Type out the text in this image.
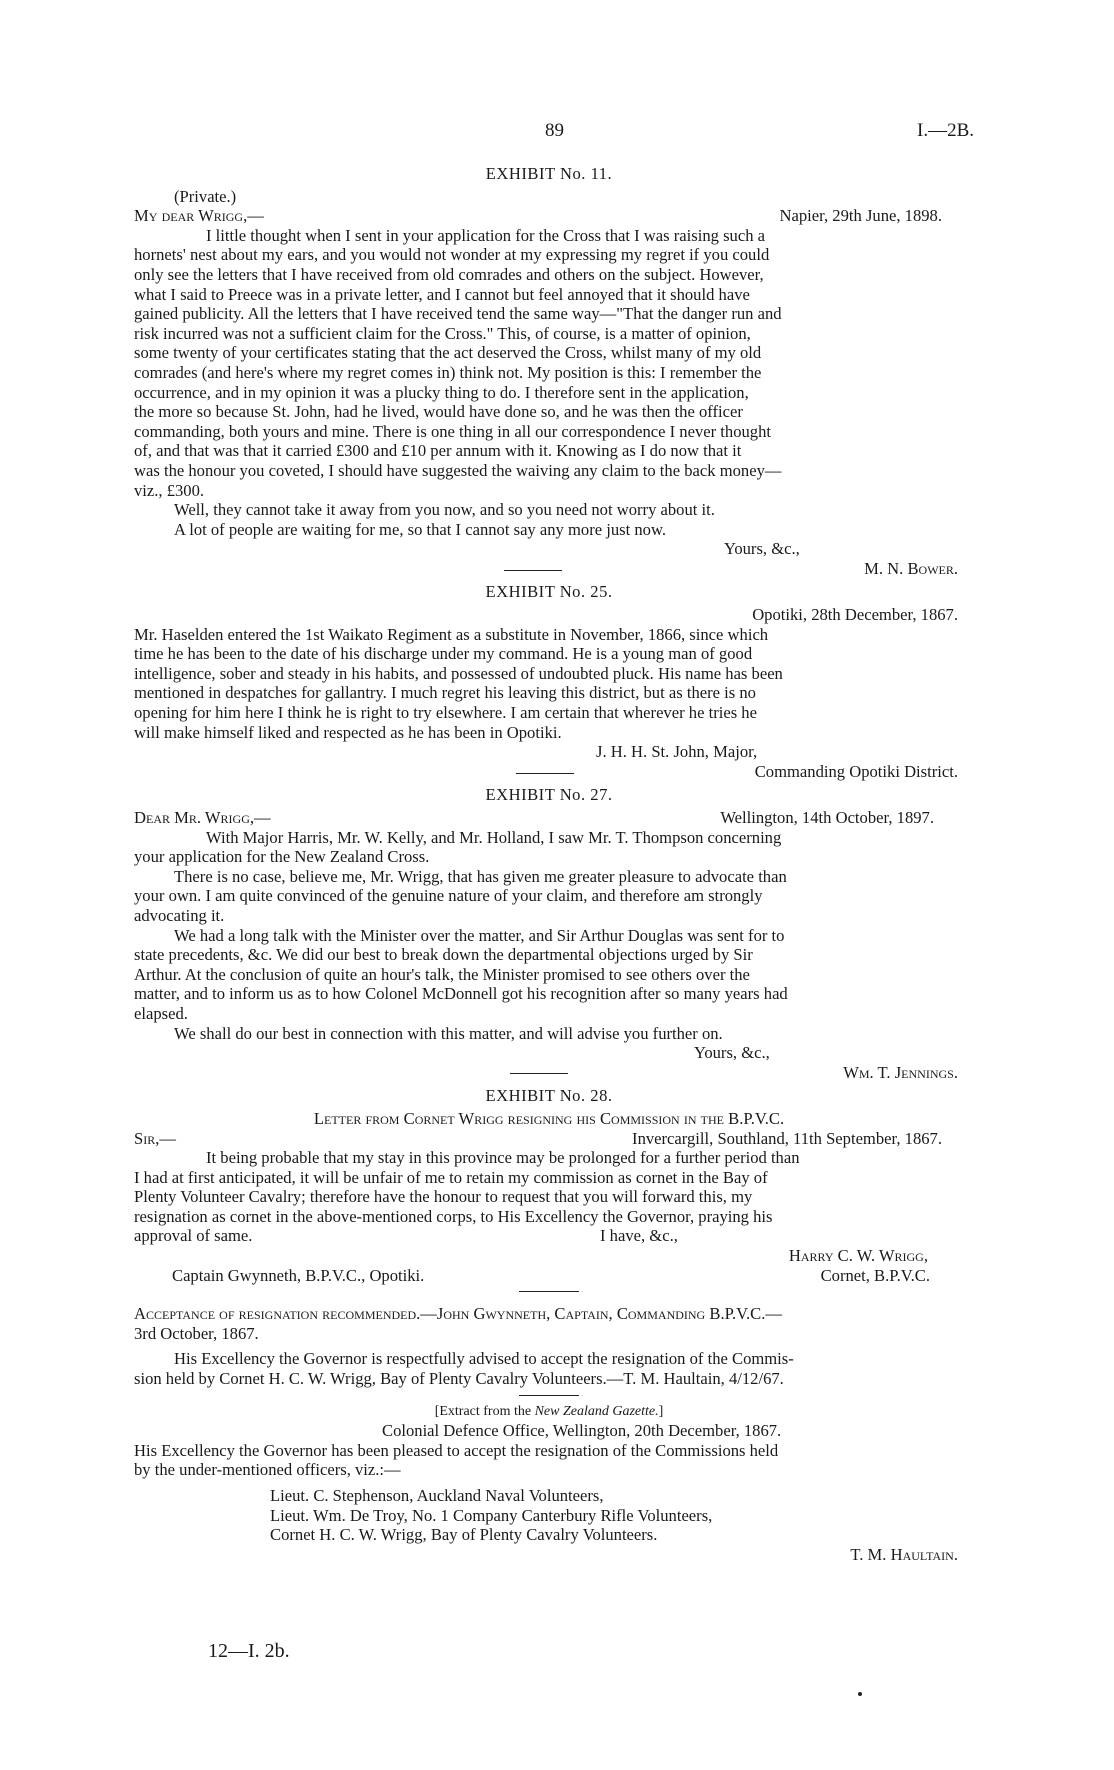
89	I.—2B.
EXHIBIT No. 11.
(Private.)
My dear Wrigg,—	Napier, 29th June, 1898.
I little thought when I sent in your application for the Cross that I was raising such a
hornets' nest about my ears, and you would not wonder at my expressing my regret if you could
only see the letters that I have received from old comrades and others on the subject. However,
what I said to Preece was in a private letter, and I cannot but feel annoyed that it should have
gained publicity. All the letters that I have received tend the same way—"That the danger run and
risk incurred was not a sufficient claim for the Cross." This, of course, is a matter of opinion,
some twenty of your certificates stating that the act deserved the Cross, whilst many of my old
comrades (and here's where my regret comes in) think not. My position is this: I remember the
occurrence, and in my opinion it was a plucky thing to do. I therefore sent in the application,
the more so because St. John, had he lived, would have done so, and he was then the officer
commanding, both yours and mine. There is one thing in all our correspondence I never thought
of, and that was that it carried £300 and £10 per annum with it. Knowing as I do now that it
was the honour you coveted, I should have suggested the waiving any claim to the back money—
viz., £300.
Well, they cannot take it away from you now, and so you need not worry about it.
A lot of people are waiting for me, so that I cannot say any more just now.
Yours, &c.,
M. N. Bower.
EXHIBIT No. 25.
Opotiki, 28th December, 1867.
Mr. Haselden entered the 1st Waikato Regiment as a substitute in November, 1866, since which
time he has been to the date of his discharge under my command. He is a young man of good
intelligence, sober and steady in his habits, and possessed of undoubted pluck. His name has been
mentioned in despatches for gallantry. I much regret his leaving this district, but as there is no
opening for him here I think he is right to try elsewhere. I am certain that wherever he tries he
will make himself liked and respected as he has been in Opotiki.
J. H. H. St. John, Major,
Commanding Opotiki District.
EXHIBIT No. 27.
Dear Mr. Wrigg,—	Wellington, 14th October, 1897.
With Major Harris, Mr. W. Kelly, and Mr. Holland, I saw Mr. T. Thompson concerning
your application for the New Zealand Cross.
There is no case, believe me, Mr. Wrigg, that has given me greater pleasure to advocate than
your own. I am quite convinced of the genuine nature of your claim, and therefore am strongly
advocating it.
We had a long talk with the Minister over the matter, and Sir Arthur Douglas was sent for to
state precedents, &c. We did our best to break down the departmental objections urged by Sir
Arthur. At the conclusion of quite an hour's talk, the Minister promised to see others over the
matter, and to inform us as to how Colonel McDonnell got his recognition after so many years had
elapsed.
We shall do our best in connection with this matter, and will advise you further on.
Yours, &c.,
Wm. T. Jennings.
EXHIBIT No. 28.
Letter from Cornet Wrigg resigning his Commission in the B.P.V.C.
Sir,—	Invercargill, Southland, 11th September, 1867.
It being probable that my stay in this province may be prolonged for a further period than
I had at first anticipated, it will be unfair of me to retain my commission as cornet in the Bay of
Plenty Volunteer Cavalry; therefore have the honour to request that you will forward this, my
resignation as cornet in the above-mentioned corps, to His Excellency the Governor, praying his
approval of same.	I have, &c.,
Harry C. W. Wrigg,
Captain Gwynneth, B.P.V.C., Opotiki.	Cornet, B.P.V.C.
Acceptance of resignation recommended.—John Gwynneth, Captain, Commanding B.P.V.C.—
3rd October, 1867.
His Excellency the Governor is respectfully advised to accept the resignation of the Commis-
sion held by Cornet H. C. W. Wrigg, Bay of Plenty Cavalry Volunteers.—T. M. Haultain, 4/12/67.
[Extract from the New Zealand Gazette.]
Colonial Defence Office, Wellington, 20th December, 1867.
His Excellency the Governor has been pleased to accept the resignation of the Commissions held
by the under-mentioned officers, viz.:—
Lieut. C. Stephenson, Auckland Naval Volunteers,
Lieut. Wm. De Troy, No. 1 Company Canterbury Rifle Volunteers,
Cornet H. C. W. Wrigg, Bay of Plenty Cavalry Volunteers.
T. M. Haultain.
12—I. 2b.
